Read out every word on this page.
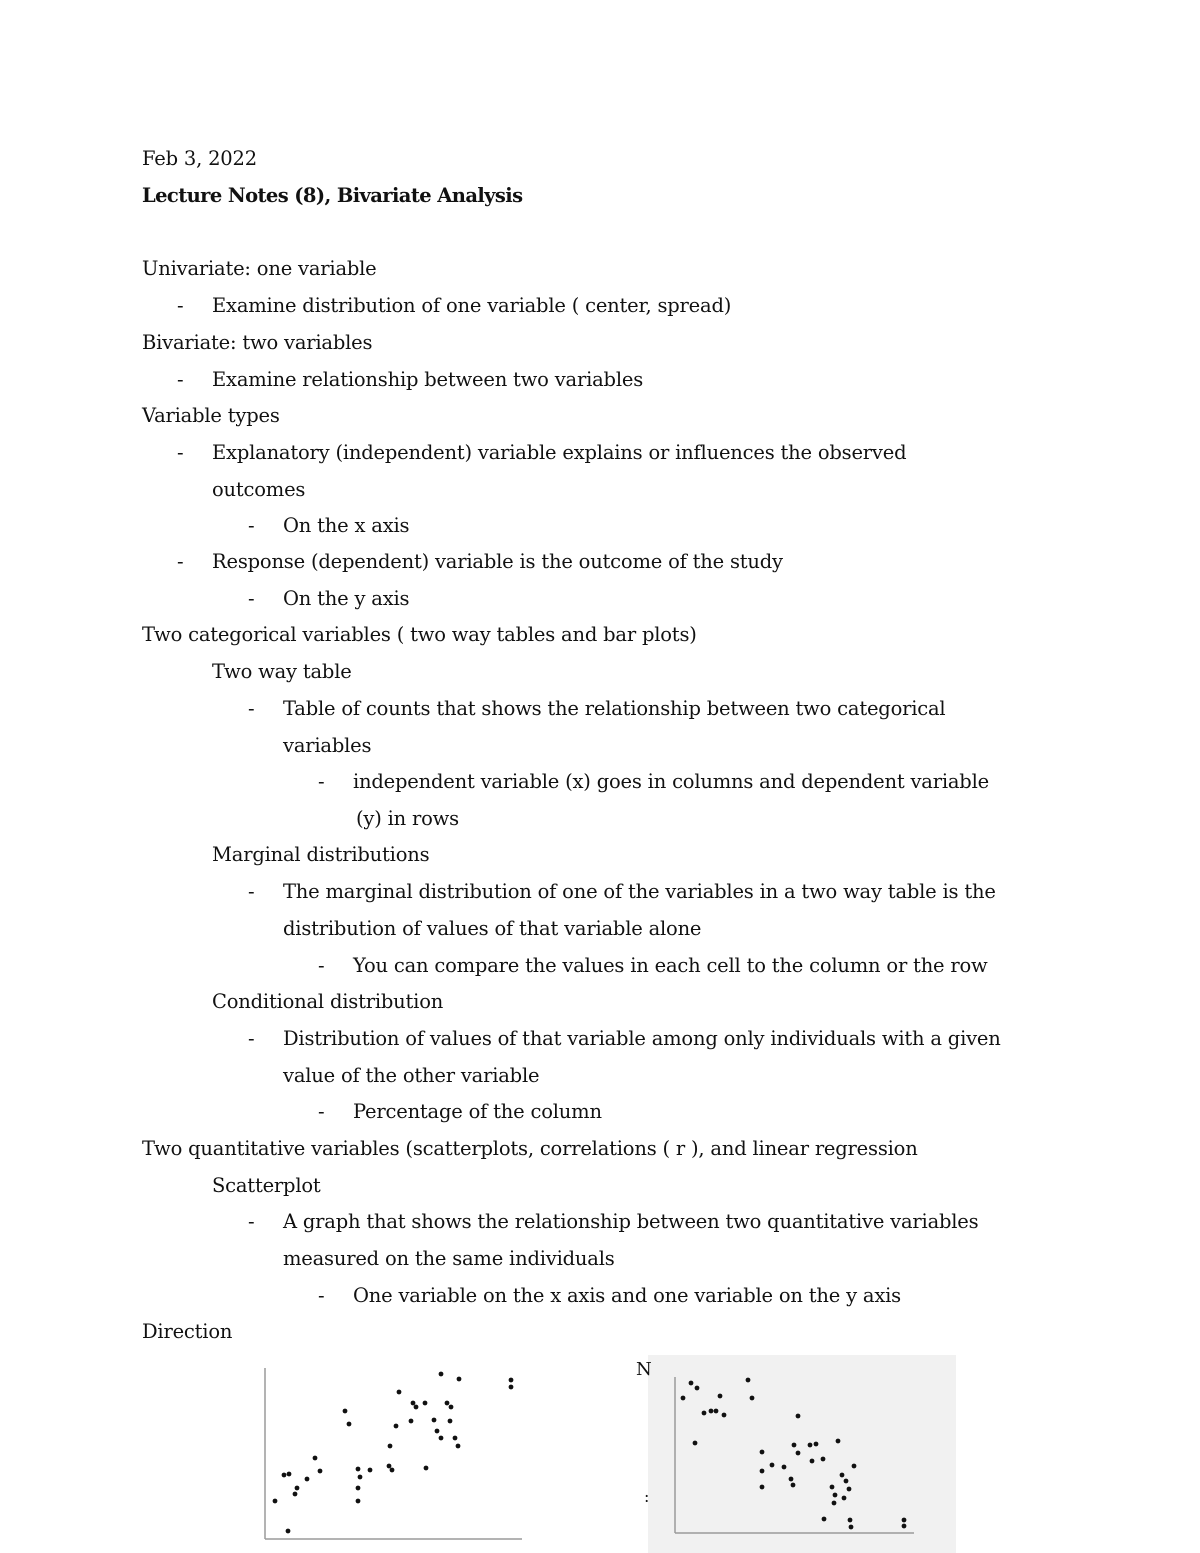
Feb 3, 2022
Lecture Notes (8), Bivariate Analysis
Univariate: one variable
- Examine distribution of one variable ( center, spread)
Bivariate: two variables
- Examine relationship between two variables
Variable types
- Explanatory (independent) variable explains or influences the observed
outcomes
- On the x axis
- Response (dependent) variable is the outcome of the study
- On the y axis
Two categorical variables ( two way tables and bar plots)
Two way table
- Table of counts that shows the relationship between two categorical
variables
- independent variable (x) goes in columns and dependent variable
(y) in rows
Marginal distributions
- The marginal distribution of one of the variables in a two way table is the
distribution of values of that variable alone
- You can compare the values in each cell to the column or the row
Conditional distribution
- Distribution of values of that variable among only individuals with a given
value of the other variable
- Percentage of the column
Two quantitative variables (scatterplots, correlations ( r ), and linear regression
Scatterplot
- A graph that shows the relationship between two quantitative variables
measured on the same individuals
- One variable on the x axis and one variable on the y axis
Direction
N
:
